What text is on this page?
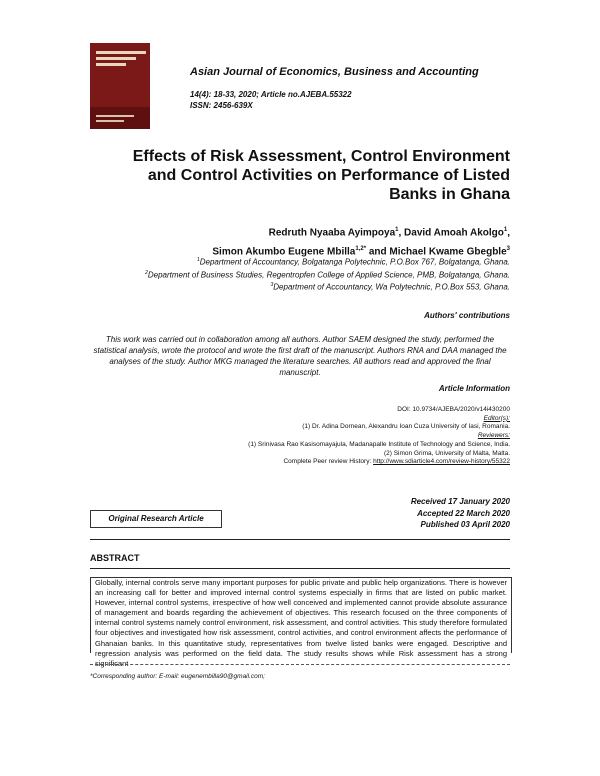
Asian Journal of Economics, Business and Accounting
14(4): 18-33, 2020; Article no.AJEBA.55322
ISSN: 2456-639X
Effects of Risk Assessment, Control Environment
and Control Activities on Performance of Listed
Banks in Ghana
Redruth Nyaaba Ayimpoya$^1$, David Amoah Akolgo$^1$,
Simon Akumbo Eugene Mbilla$^{1,2*}$ and Michael Kwame Gbegble$^3$
$^1$Department of Accountancy, Bolgatanga Polytechnic, P.O.Box 767, Bolgatanga, Ghana.
$^2$Department of Business Studies, Regentropfen College of Applied Science, PMB, Bolgatanga, Ghana.
$^3$Department of Accountancy, Wa Polytechnic, P.O.Box 553, Ghana.
Authors' contributions
This work was carried out in collaboration among all authors. Author SAEM designed the study, performed the statistical analysis, wrote the protocol and wrote the first draft of the manuscript. Authors RNA and DAA managed the analyses of the study. Author MKG managed the literature searches. All authors read and approved the final manuscript.
Article Information
DOI: 10.9734/AJEBA/2020/v14i430200
Editor(s):
(1) Dr. Adina Dornean, Alexandru Ioan Cuza University of Iasi, Romania.
Reviewers:
(1) Srinivasa Rao Kasisomayajula, Madanapalle Institute of Technology and Science, India.
(2) Simon Grima, University of Malta, Malta.
Complete Peer review History: http://www.sdiarticle4.com/review-history/55322
Received 17 January 2020
Accepted 22 March 2020
Published 03 April 2020
Original Research Article
ABSTRACT
Globally, internal controls serve many important purposes for public private and public help organizations. There is however an increasing call for better and improved internal control systems especially in firms that are listed on public market. However, internal control systems, irrespective of how well conceived and implemented cannot provide absolute assurance of management and boards regarding the achievement of objectives. This research focused on the three components of internal control systems namely control environment, risk assessment, and control activities. This study therefore formulated four objectives and investigated how risk assessment, control activities, and control environment affects the performance of Ghanaian banks. In this quantitative study, representatives from twelve listed banks were engaged. Descriptive and regression analysis was performed on the field data. The study results shows while Risk assessment has a strong significant
*Corresponding author: E-mail: eugenembilla90@gmail.com;
